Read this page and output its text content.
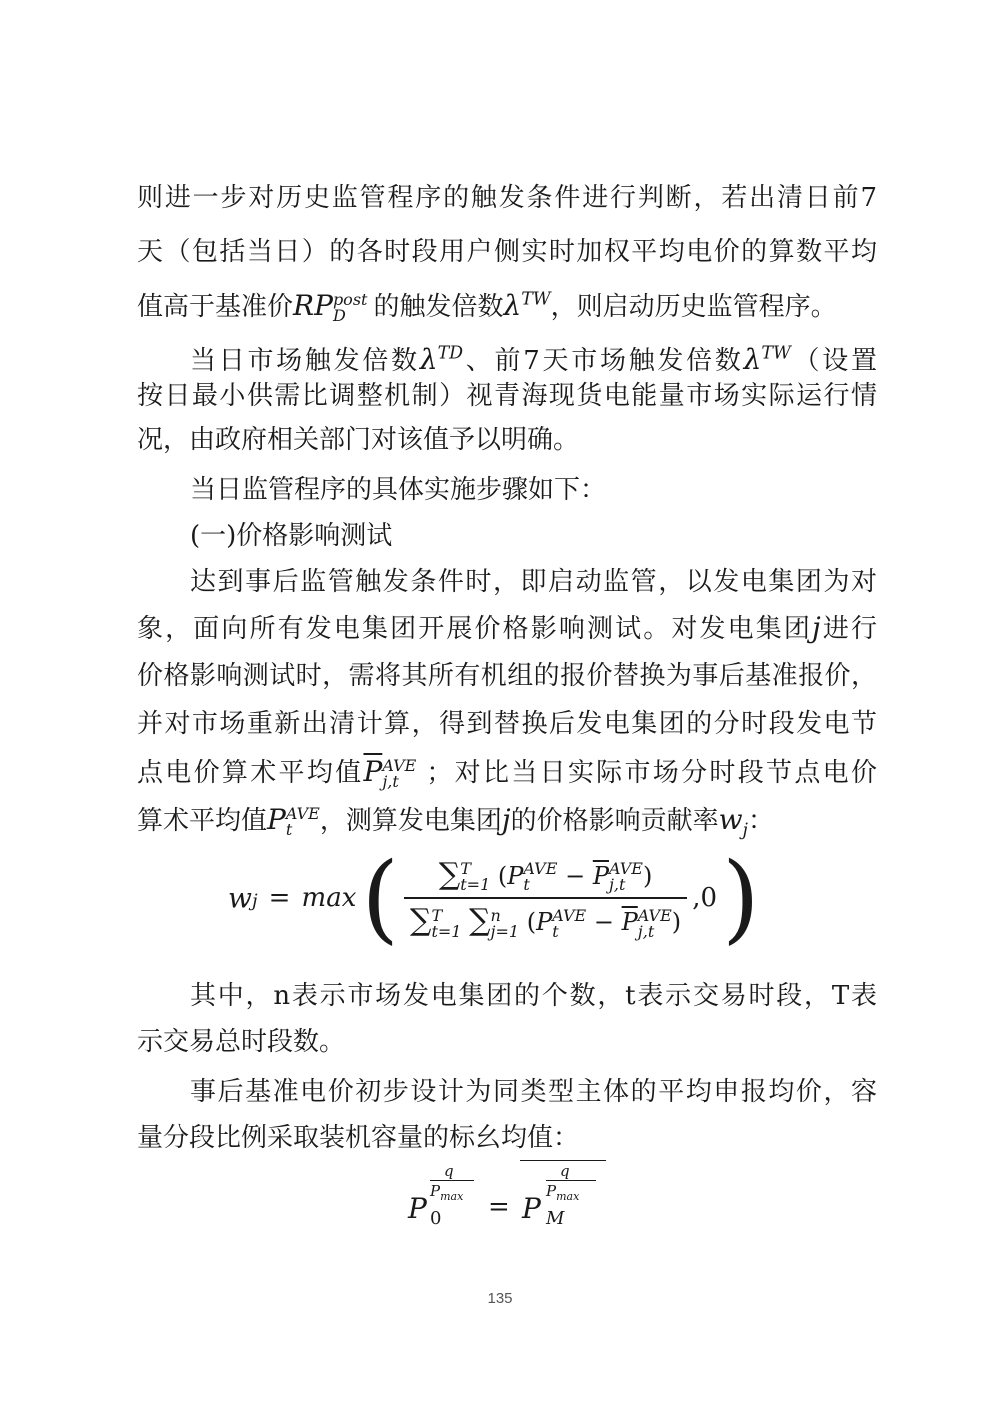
则进一步对历史监管程序的触发条件进行判断，若出清日前7

天（包括当日）的各时段用户侧实时加权平均电价的算数平均

值高于基准价RP post
D	的触发倍数$\lambda^{TW}$，则启动历史监管程序。

当日市场触发倍数$\lambda^{TD}$、前7天市场触发倍数$\lambda^{TW}$（设置

按日最小供需比调整机制）视青海现货电能量市场实际运行情

况，由政府相关部门对该值予以明确。

当日监管程序的具体实施步骤如下：

(一)价格影响测试

达到事后监管触发条件时，即启动监管，以发电集团为对

象，面向所有发电集团开展价格影响测试。对发电集团j进行

价格影响测试时，需将其所有机组的报价替换为事后基准报价，

并对市场重新出清计算，得到替换后发电集团的分时段发电节

点电价算术平均值$\overline{P}$ AVE
j,t	；对比当日实际市场分时段节点电价

算术平均值P AVE
t	，测算发电集团j的价格影响贡献率$w_j$：

$w_j = \max$ (	∑ T
t=1 (P AVE
t	− $\overline{P}$ AVE
j,t )
∑ T
t=1 ∑ n
j=1 (P AVE
t	− $\overline{P}$ AVE
j,t )
,0 )

其中，n表示市场发电集团的个数，t表示交易时段，T表

示交易总时段数。

事后基准电价初步设计为同类型主体的平均申报均价，容

量分段比例采取装机容量的标幺均值：

P
q
$P_{max}$
0 = P
q
$P_{max}$
M
135
